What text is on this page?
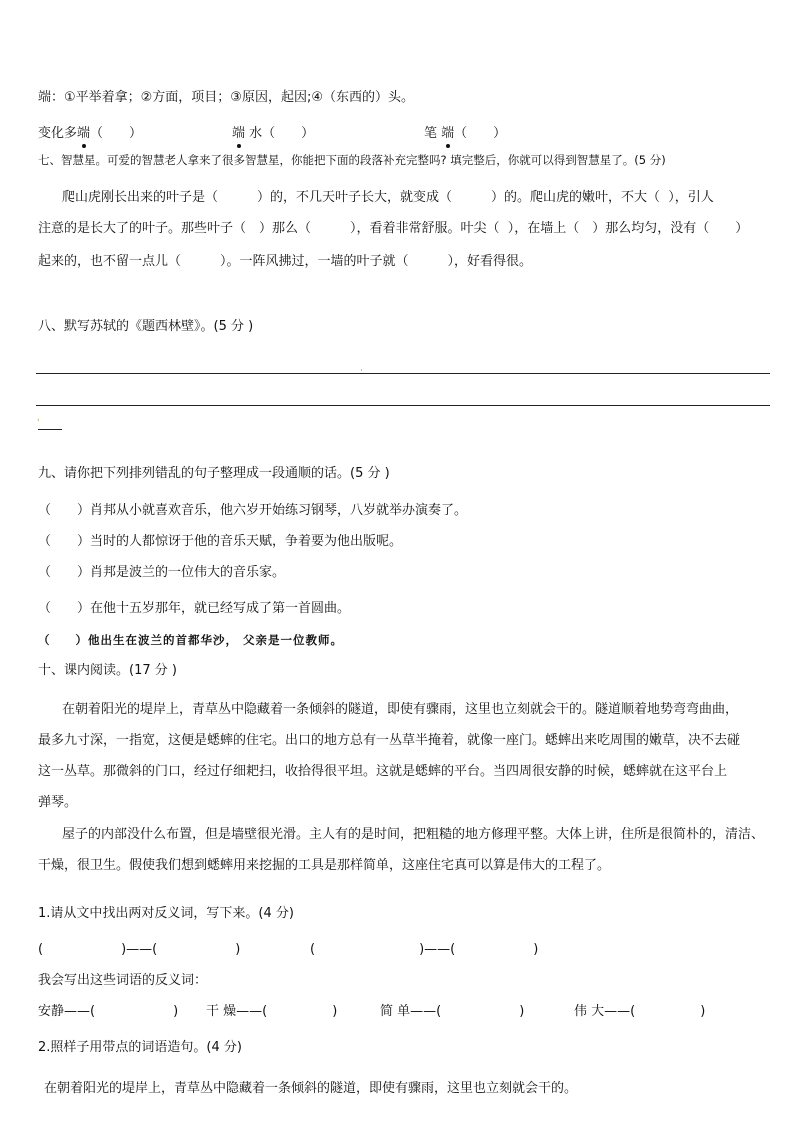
端：①平举着拿；②方面，项目；③原因，起因;④（东西的）头。
变化多端（　　）	端 水（　　）	笔 端（　　）
七、智慧星。可爱的智慧老人拿来了很多智慧星，你能把下面的段落补充完整吗? 填完整后，你就可以得到智慧星了。(5 分)
爬山虎刚长出来的叶子是（　　　）的，不几天叶子长大，就变成（　　　）的。爬山虎的嫩叶，不大（  ），引人
注意的是长大了的叶子。那些叶子（　）那么（　　　），看着非常舒服。叶尖（  ），在墙上（　）那么均匀，没有（　　）
起来的，也不留一点儿（　　　）。一阵风拂过，一墙的叶子就（　　　），好看得很。
八、默写苏轼的《题西林壁》。(5 分 )
·
'
九、请你把下列排列错乱的句子整理成一段通顺的话。(5 分 )
（　　）肖邦从小就喜欢音乐，他六岁开始练习钢琴，八岁就举办演奏了。
（　　）当时的人都惊讶于他的音乐天赋，争着要为他出版呢。
（　　）肖邦是波兰的一位伟大的音乐家。
（　　）在他十五岁那年，就已经写成了第一首圆曲。
（　　）他出生在波兰的首都华沙， 父亲是一位教师。
十、课内阅读。(17 分 )
在朝着阳光的堤岸上，青草丛中隐藏着一条倾斜的隧道，即使有骤雨，这里也立刻就会干的。隧道顺着地势弯弯曲曲，
最多九寸深，一指宽，这便是蟋蟀的住宅。出口的地方总有一丛草半掩着，就像一座门。蟋蟀出来吃周围的嫩草，决不去碰
这一丛草。那微斜的门口，经过仔细耙扫，收拾得很平坦。这就是蟋蟀的平台。当四周很安静的时候，蟋蟀就在这平台上
弹琴。
屋子的内部没什么布置，但是墙壁很光滑。主人有的是时间，把粗糙的地方修理平整。大体上讲，住所是很简朴的，清洁、
干燥，很卫生。假使我们想到蟋蟀用来挖掘的工具是那样简单，这座住宅真可以算是伟大的工程了。
1.请从文中找出两对反义词，写下来。(4 分)
(　　　　　　)——(　　　　　　)	(　　　　　　　　)——(　　　　　　)
我会写出这些词语的反义词：
安静——(　　　　　　) 干 燥——(　　　　　)	简 单——(　　　　　　)	伟 大——(　　　　　)
2.照样子用带点的词语造句。(4 分)
在朝着阳光的堤岸上，青草丛中隐藏着一条倾斜的隧道，即使有骤雨，这里也立刻就会干的。
